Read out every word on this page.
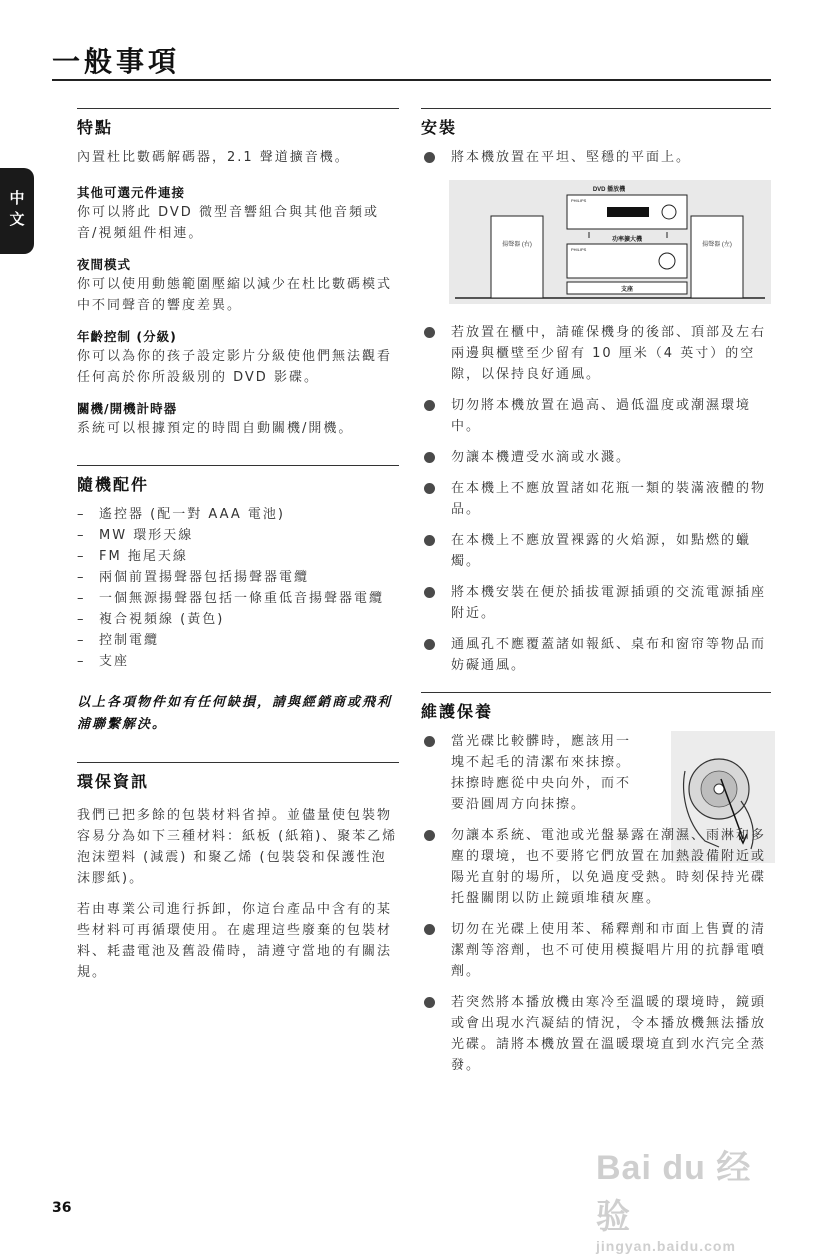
一般事項
中文
特點

內置杜比數碼解碼器，2.1 聲道擴音機。

其他可選元件連接

你可以將此 DVD 微型音響組合與其他音頻或音/視頻組件相連。

夜間模式

你可以使用動態範圍壓縮以減少在杜比數碼模式中不同聲音的響度差異。

年齡控制 (分級)

你可以為你的孩子設定影片分級使他們無法觀看任何高於你所設級別的 DVD 影碟。

關機/開機計時器

系統可以根據預定的時間自動關機/開機。

隨機配件
– 遙控器 (配一對 AAA 電池)
– MW 環形天線
– FM 拖尾天線
– 兩個前置揚聲器包括揚聲器電纜
– 一個無源揚聲器包括一條重低音揚聲器電纜
– 複合視頻線 (黃色)
– 控制電纜
– 支座
以上各項物件如有任何缺損，請與經銷商或飛利浦聯繫解決。
環保資訊

我們已把多餘的包裝材料省掉。並儘量使包裝物容易分為如下三種材料：紙板 (紙箱)、聚苯乙烯泡沫塑料 (減震) 和聚乙烯 (包裝袋和保護性泡沫膠紙)。

若由專業公司進行拆卸，你這台產品中含有的某些材料可再循環使用。在處理這些廢棄的包裝材料、耗盡電池及舊設備時，請遵守當地的有關法規。

安裝
將本機放置在平坦、堅穩的平面上。
揚聲器 (右)	揚聲器 (左)
DVD 播放機
PHILIPS
功率擴大機
PHILIPS
支座
若放置在櫃中，請確保機身的後部、頂部及左右兩邊與櫃壁至少留有 10 厘米（4 英寸）的空隙，以保持良好通風。
切勿將本機放置在過高、過低溫度或潮濕環境中。
勿讓本機遭受水滴或水濺。
在本機上不應放置諸如花瓶一類的裝滿液體的物品。
在本機上不應放置裸露的火焰源，如點燃的蠟燭。
將本機安裝在便於插拔電源插頭的交流電源插座附近。
通風孔不應覆蓋諸如報紙、桌布和窗帘等物品而妨礙通風。
維護保養
當光碟比較髒時，應該用一塊不起毛的清潔布來抹擦。抹擦時應從中央向外，而不要沿圓周方向抹擦。
勿讓本系統、電池或光盤暴露在潮濕、雨淋和多塵的環境，也不要將它們放置在加熱設備附近或陽光直射的場所，以免過度受熱。時刻保持光碟托盤關閉以防止鏡頭堆積灰塵。
切勿在光碟上使用苯、稀釋劑和市面上售賣的清潔劑等溶劑，也不可使用模擬唱片用的抗靜電噴劑。
若突然將本播放機由寒冷至溫暖的環境時，鏡頭或會出現水汽凝結的情況，令本播放機無法播放光碟。請將本機放置在溫暖環境直到水汽完全蒸發。
Bai du 经验
jingyan.baidu.com
36
